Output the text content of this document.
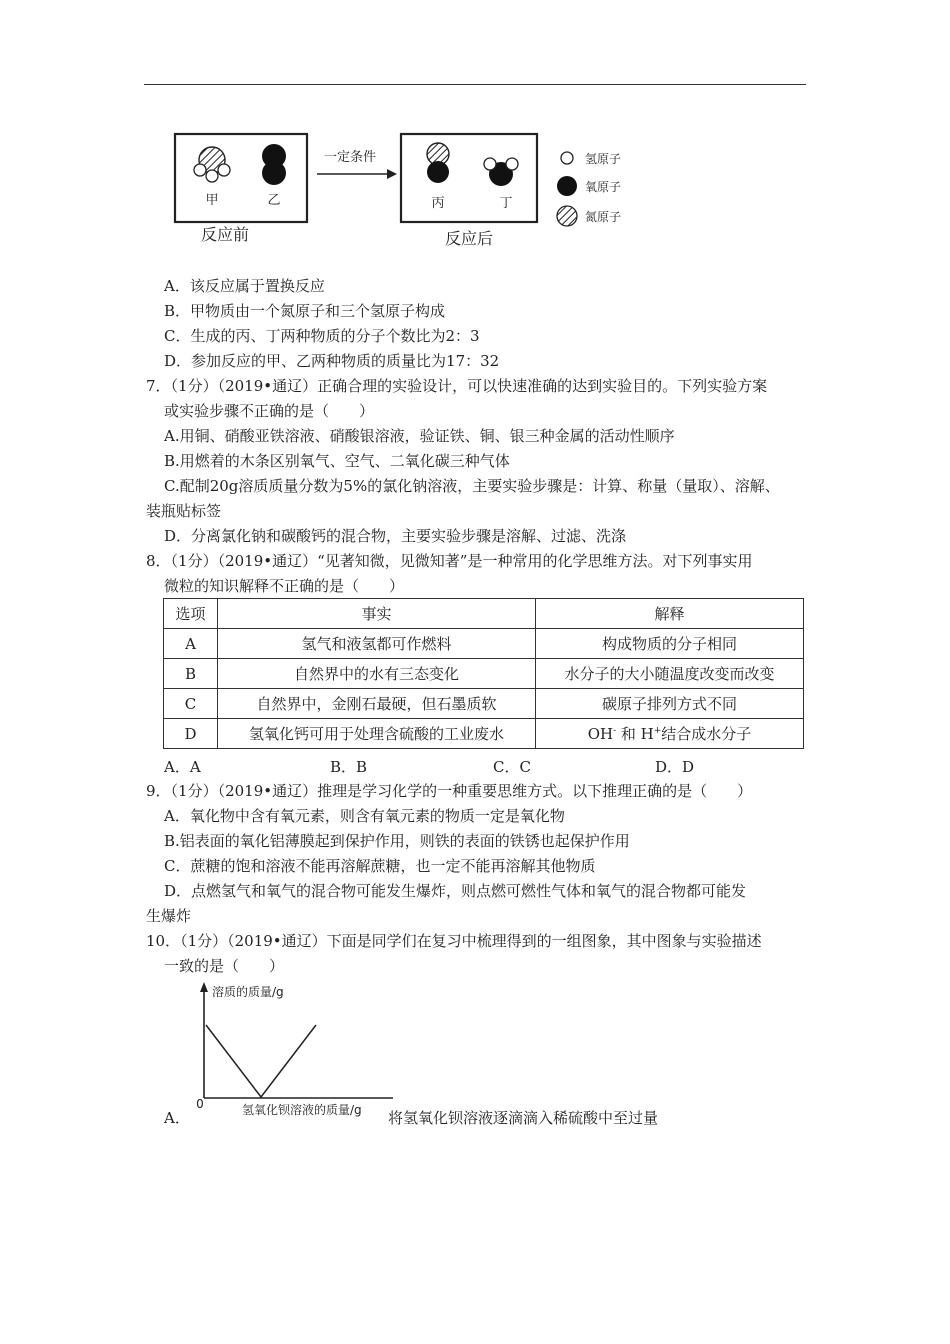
甲	乙
反应前
一定条件
丙	丁
反应后
氢原子
氧原子
氮原子
A．该反应属于置换反应
B．甲物质由一个氮原子和三个氢原子构成
C．生成的丙、丁两种物质的分子个数比为2：3
D．参加反应的甲、乙两种物质的质量比为17：32
7．（1分）（2019•通辽）正确合理的实验设计，可以快速准确的达到实验目的。下列实验方案
或实验步骤不正确的是（　　）
A.用铜、硝酸亚铁溶液、硝酸银溶液，验证铁、铜、银三种金属的活动性顺序
B.用燃着的木条区别氧气、空气、二氧化碳三种气体
C.配制20g溶质质量分数为5%的氯化钠溶液，主要实验步骤是：计算、称量（量取）、溶解、
装瓶贴标签
D．分离氯化钠和碳酸钙的混合物，主要实验步骤是溶解、过滤、洗涤
8．（1分）（2019•通辽）“见著知微，见微知著”是一种常用的化学思维方法。对下列事实用
微粒的知识解释不正确的是（　　）
选项	事实	解释
A	氢气和液氢都可作燃料	构成物质的分子相同
B	自然界中的水有三态变化	水分子的大小随温度改变而改变
C	自然界中，金刚石最硬，但石墨质软	碳原子排列方式不同
D	氢氧化钙可用于处理含硫酸的工业废水	OH- 和 H+结合成水分子
A．A	B．B	C．C	D．D
9．（1分）（2019•通辽）推理是学习化学的一种重要思维方式。以下推理正确的是（　　）
A．氧化物中含有氧元素，则含有氧元素的物质一定是氧化物
B.铝表面的氧化铝薄膜起到保护作用，则铁的表面的铁锈也起保护作用
C．蔗糖的饱和溶液不能再溶解蔗糖，也一定不能再溶解其他物质
D．点燃氢气和氧气的混合物可能发生爆炸，则点燃可燃性气体和氧气的混合物都可能发
生爆炸
10．（1分）（2019•通辽）下面是同学们在复习中梳理得到的一组图象，其中图象与实验描述
一致的是（　　）
溶质的质量/g
0	氢氧化钡溶液的质量/g
A．	将氢氧化钡溶液逐滴滴入稀硫酸中至过量
